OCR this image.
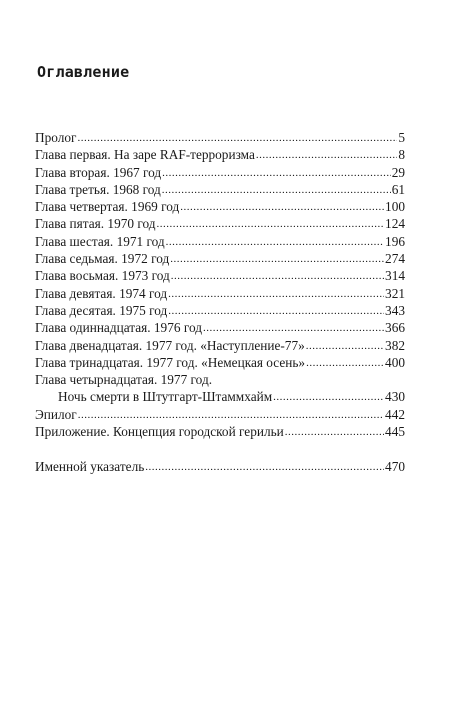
Оглавление
Пролог .....	5
Глава первая. На заре RAF-терроризма .....	8
Глава вторая. 1967 год .....	29
Глава третья. 1968 год .....	61
Глава четвертая. 1969 год .....	100
Глава пятая. 1970 год .....	124
Глава шестая. 1971 год .....	196
Глава седьмая. 1972 год .....	274
Глава восьмая. 1973 год .....	314
Глава девятая. 1974 год .....	321
Глава десятая. 1975 год .....	343
Глава одиннадцатая. 1976 год .....	366
Глава двенадцатая. 1977 год. «Наступление-77» .....	382
Глава тринадцатая. 1977 год. «Немецкая осень» .....	400
Глава четырнадцатая. 1977 год.
Ночь смерти в Штутгарт-Штаммхайм .....	430
Эпилог .....	442
Приложение. Концепция городской герильи .....	445
Именной указатель .....	470
